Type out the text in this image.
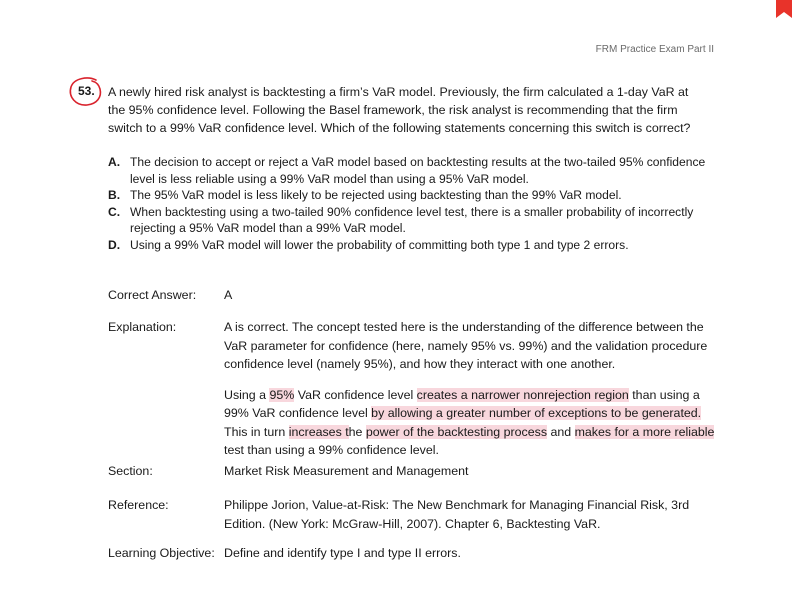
FRM Practice Exam Part II
53. A newly hired risk analyst is backtesting a firm’s VaR model. Previously, the firm calculated a 1-day VaR at the 95% confidence level. Following the Basel framework, the risk analyst is recommending that the firm switch to a 99% VaR confidence level. Which of the following statements concerning this switch is correct?
A. The decision to accept or reject a VaR model based on backtesting results at the two-tailed 95% confidence level is less reliable using a 99% VaR model than using a 95% VaR model.
B. The 95% VaR model is less likely to be rejected using backtesting than the 99% VaR model.
C. When backtesting using a two-tailed 90% confidence level test, there is a smaller probability of incorrectly rejecting a 95% VaR model than a 99% VaR model.
D. Using a 99% VaR model will lower the probability of committing both type 1 and type 2 errors.
Correct Answer:	A
Explanation:	A is correct. The concept tested here is the understanding of the difference between the VaR parameter for confidence (here, namely 95% vs. 99%) and the validation procedure confidence level (namely 95%), and how they interact with one another.
Using a 95% VaR confidence level creates a narrower nonrejection region than using a 99% VaR confidence level by allowing a greater number of exceptions to be generated. This in turn increases the power of the backtesting process and makes for a more reliable test than using a 99% confidence level.
Section:	Market Risk Measurement and Management
Reference:	Philippe Jorion, Value-at-Risk: The New Benchmark for Managing Financial Risk, 3rd Edition. (New York: McGraw-Hill, 2007). Chapter 6, Backtesting VaR.
Learning Objective: Define and identify type I and type II errors.
